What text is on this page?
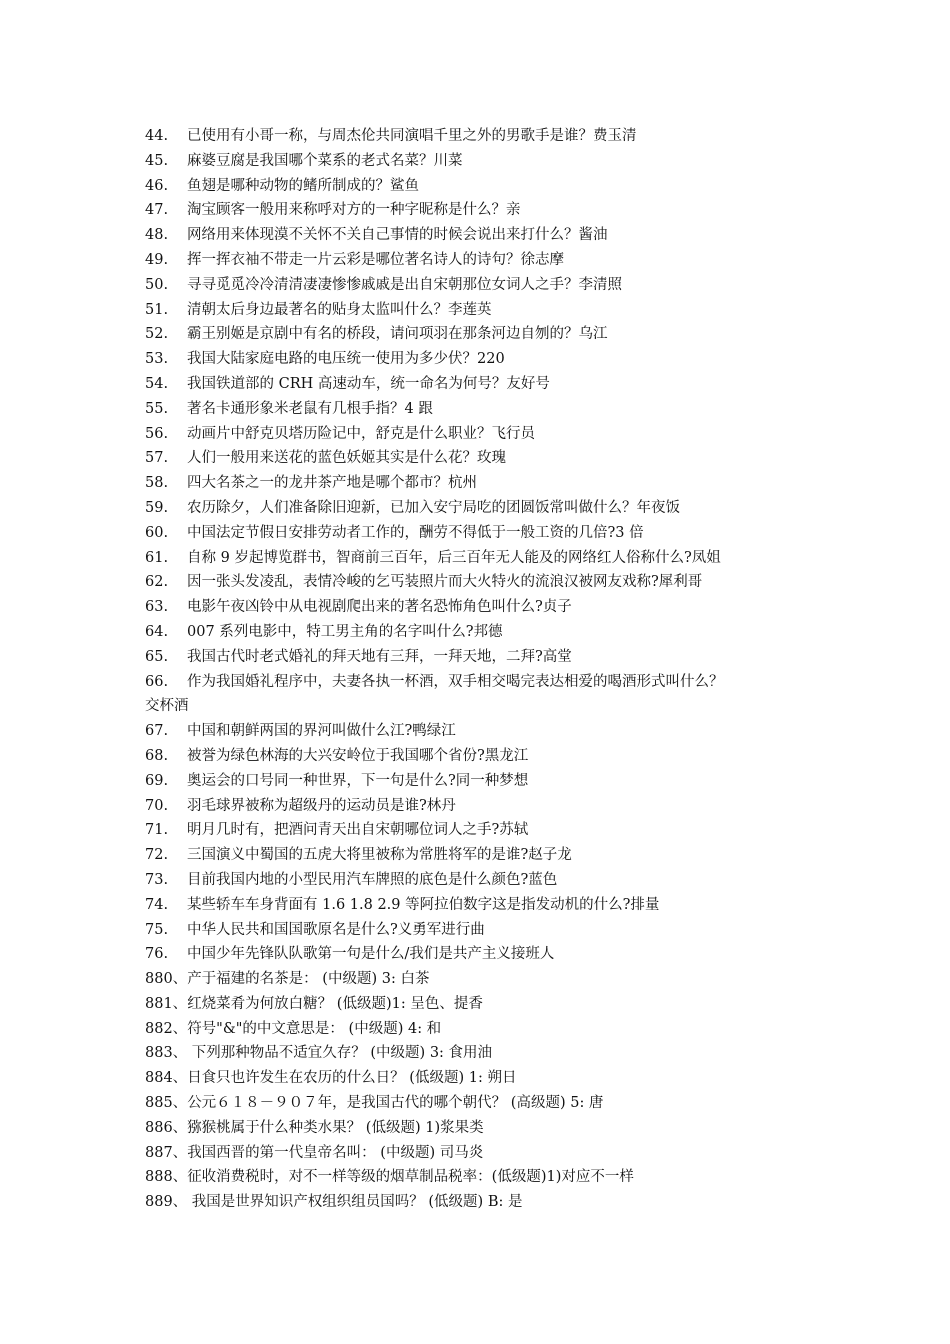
44. 已使用有小哥一称，与周杰伦共同演唱千里之外的男歌手是谁？费玉清
45. 麻婆豆腐是我国哪个菜系的老式名菜？川菜
46. 鱼翅是哪种动物的鳍所制成的？鲨鱼
47. 淘宝顾客一般用来称呼对方的一种字昵称是什么？亲
48. 网络用来体现漠不关怀不关自己事情的时候会说出来打什么？酱油
49. 挥一挥衣袖不带走一片云彩是哪位著名诗人的诗句？徐志摩
50. 寻寻觅觅冷冷清清凄凄惨惨戚戚是出自宋朝那位女词人之手？李清照
51. 清朝太后身边最著名的贴身太监叫什么？李莲英
52. 霸王别姬是京剧中有名的桥段，请问项羽在那条河边自刎的？乌江
53. 我国大陆家庭电路的电压统一使用为多少伏？220
54. 我国铁道部的 CRH 高速动车，统一命名为何号？友好号
55. 著名卡通形象米老鼠有几根手指？4 跟
56. 动画片中舒克贝塔历险记中，舒克是什么职业？飞行员
57. 人们一般用来送花的蓝色妖姬其实是什么花？玫瑰
58. 四大名茶之一的龙井茶产地是哪个都市？杭州
59. 农历除夕，人们准备除旧迎新，已加入安宁局吃的团圆饭常叫做什么？年夜饭
60. 中国法定节假日安排劳动者工作的，酬劳不得低于一般工资的几倍?3 倍
61. 自称 9 岁起博览群书，智商前三百年，后三百年无人能及的网络红人俗称什么?凤姐
62. 因一张头发凌乱，表情冷峻的乞丐装照片而大火特火的流浪汉被网友戏称?犀利哥
63. 电影午夜凶铃中从电视剧爬出来的著名恐怖角色叫什么?贞子
64. 007 系列电影中，特工男主角的名字叫什么?邦德
65. 我国古代时老式婚礼的拜天地有三拜，一拜天地，二拜?高堂
66. 作为我国婚礼程序中，夫妻各执一杯酒，双手相交喝完表达相爱的喝酒形式叫什么？
交杯酒
67. 中国和朝鲜两国的界河叫做什么江?鸭绿江
68. 被誉为绿色林海的大兴安岭位于我国哪个省份?黑龙江
69. 奥运会的口号同一种世界，下一句是什么?同一种梦想
70. 羽毛球界被称为超级丹的运动员是谁?林丹
71. 明月几时有，把酒问青天出自宋朝哪位词人之手?苏轼
72. 三国演义中蜀国的五虎大将里被称为常胜将军的是谁?赵子龙
73. 目前我国内地的小型民用汽车牌照的底色是什么颜色?蓝色
74. 某些轿车车身背面有 1.6 1.8 2.9 等阿拉伯数字这是指发动机的什么?排量
75. 中华人民共和国国歌原名是什么?义勇军进行曲
76. 中国少年先锋队队歌第一句是什么/我们是共产主义接班人
880、产于福建的名茶是： (中级题) 3: 白茶
881、红烧菜肴为何放白糖？ (低级题)1: 呈色、提香
882、符号"&"的中文意思是： (中级题) 4: 和
883、 下列那种物品不适宜久存？ (中级题) 3: 食用油
884、日食只也许发生在农历的什么日？ (低级题) 1: 朔日
885、公元６１８－９０７年，是我国古代的哪个朝代？ (高级题) 5: 唐
886、猕猴桃属于什么种类水果？ (低级题) 1)浆果类
887、我国西晋的第一代皇帝名叫： (中级题) 司马炎
888、征收消费税时，对不一样等级的烟草制品税率：(低级题)1)对应不一样
889、 我国是世界知识产权组织组员国吗？ (低级题) B: 是
